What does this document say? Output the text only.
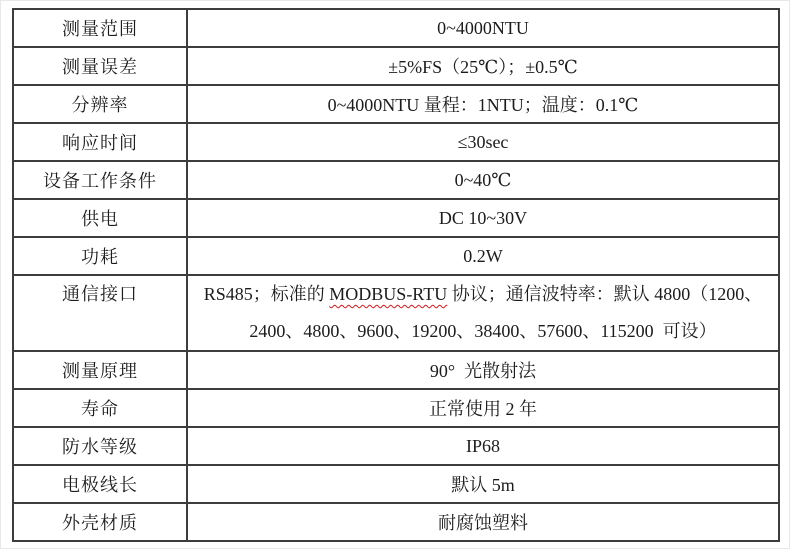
测量范围	0~4000NTU
测量误差	±5%FS（25℃）；±0.5℃
分辨率	0~4000NTU 量程：1NTU；温度：0.1℃
响应时间	≤30sec
设备工作条件	0~40℃
供电	DC 10~30V
功耗	0.2W
通信接口	RS485；标准的 MODBUS-RTU 协议；通信波特率：默认 4800（1200、
2400、4800、9600、19200、38400、57600、115200  可设）

测量原理	90°  光散射法
寿命	正常使用 2 年
防水等级	IP68
电极线长	默认 5m
外壳材质	耐腐蚀塑料
